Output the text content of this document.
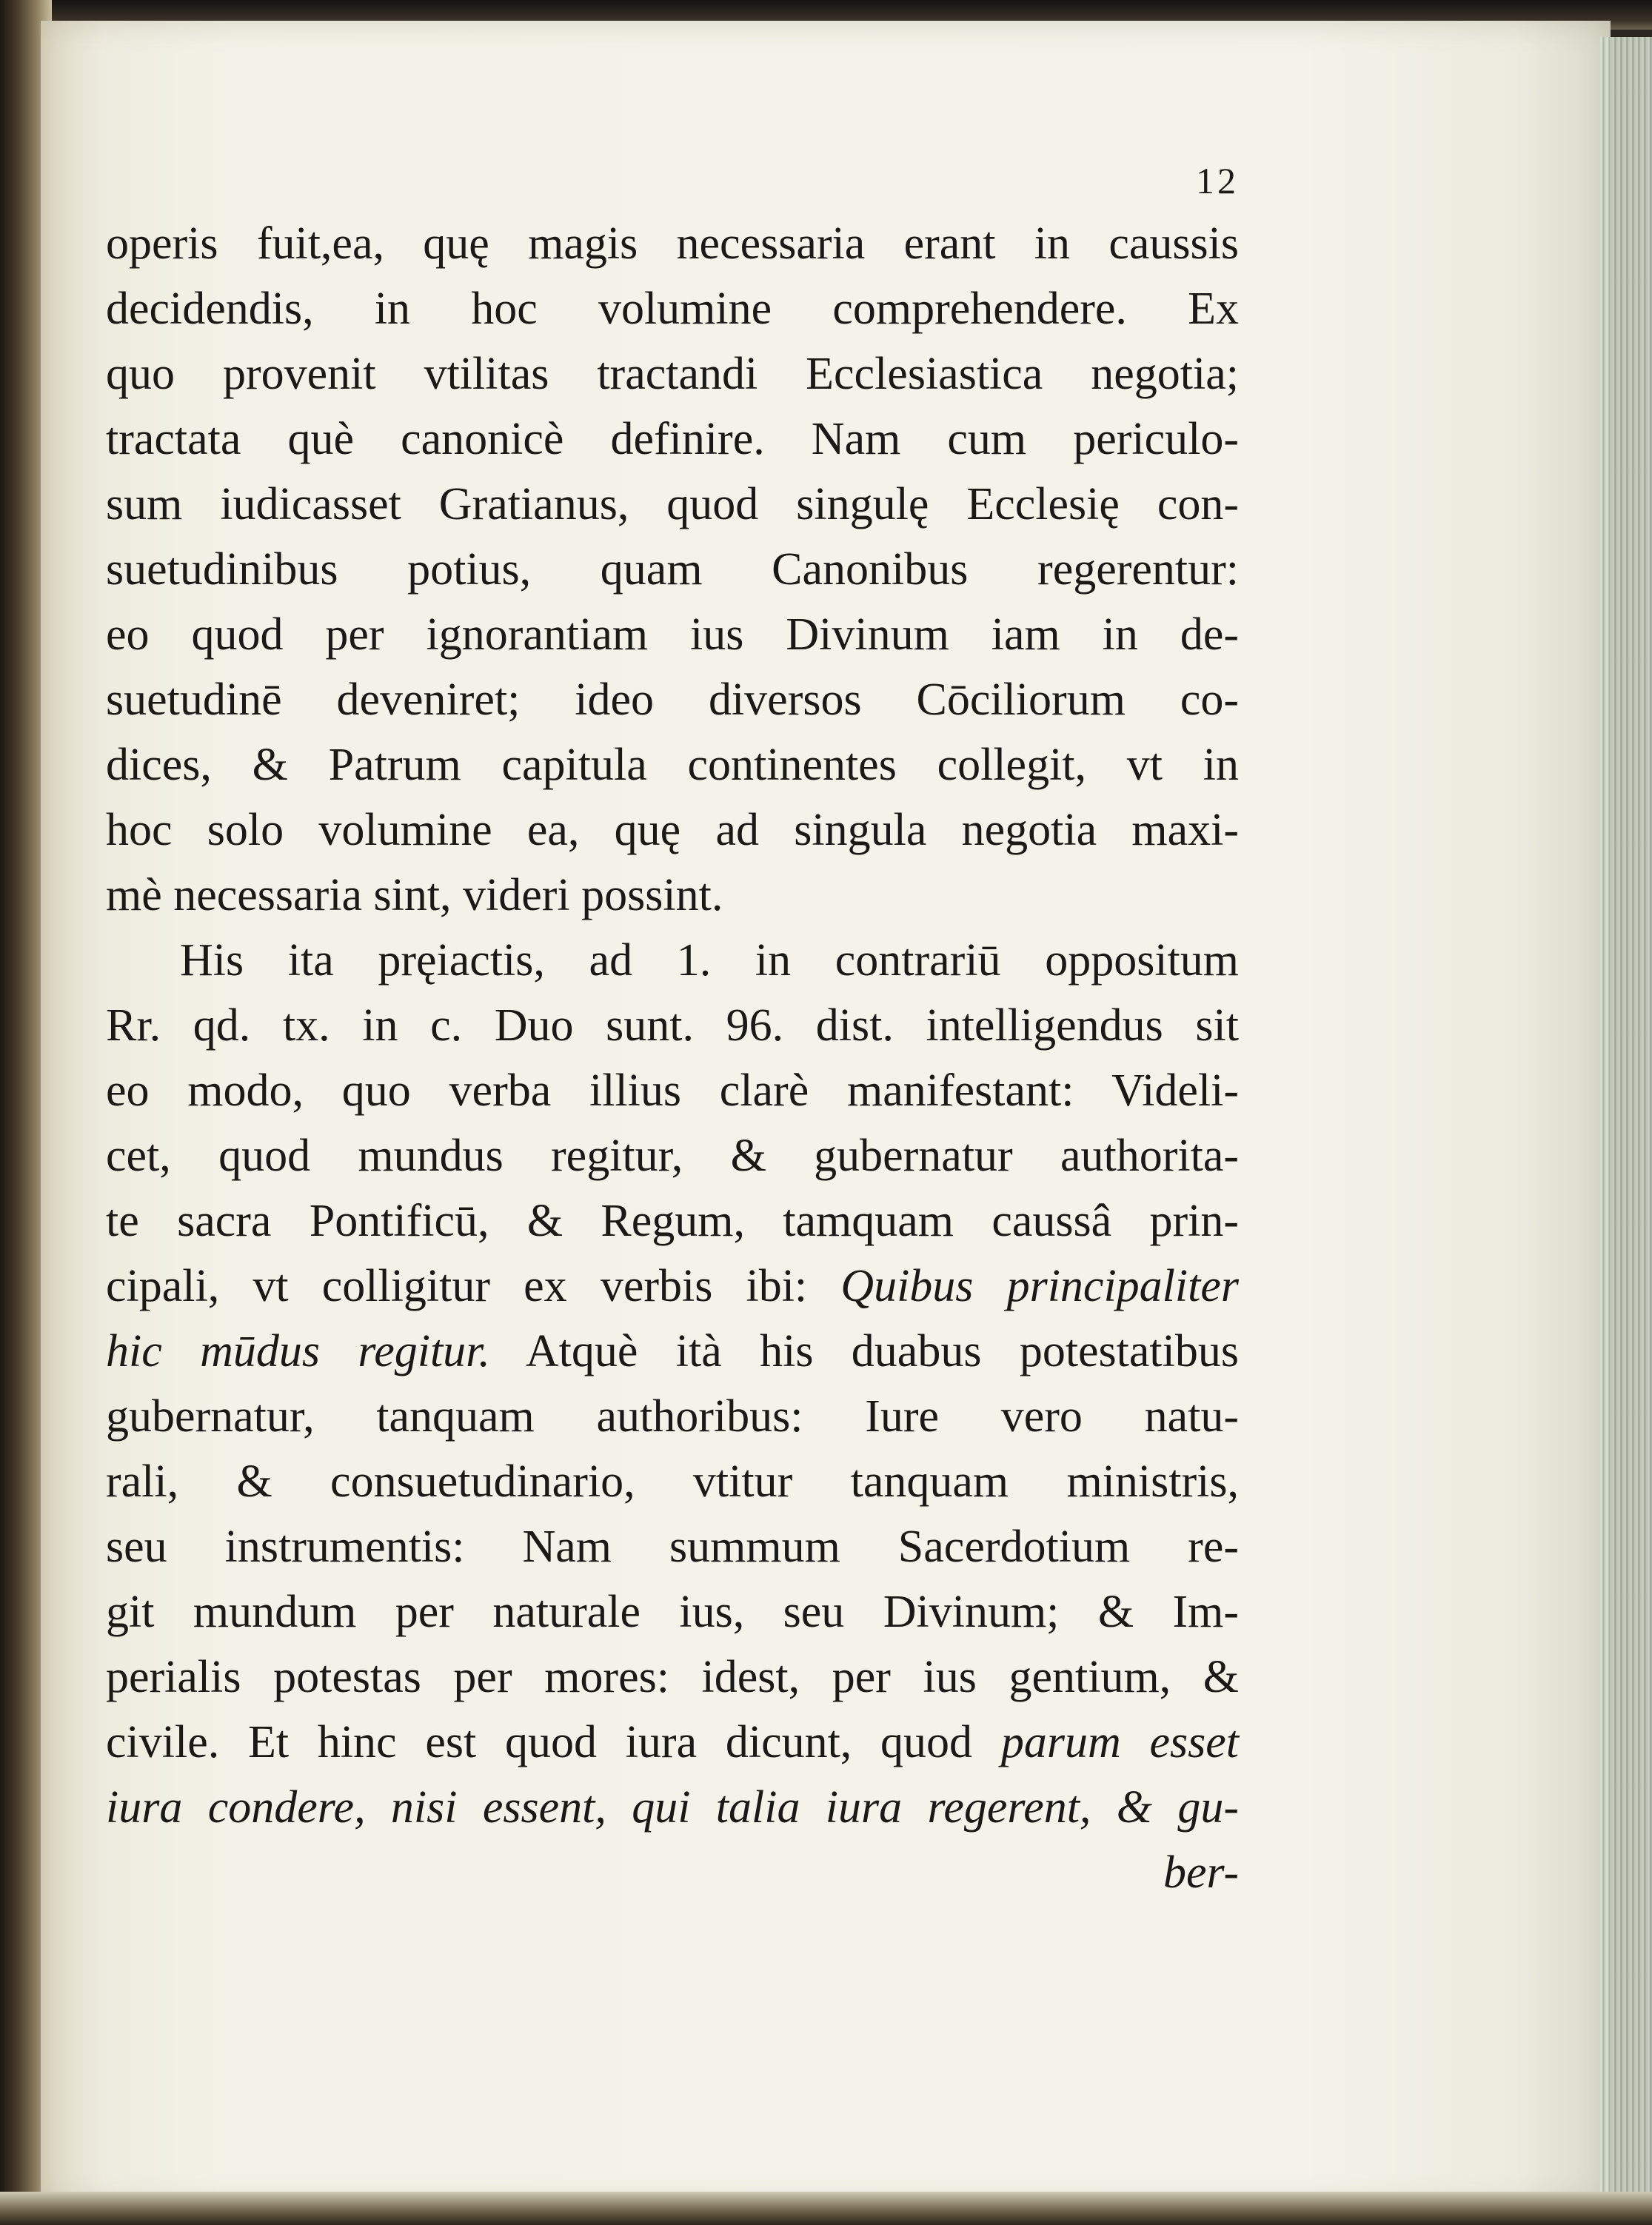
12
operis fuit,ea, quę magis necessaria erant in caussis
decidendis, in hoc volumine comprehendere. Ex
quo provenit vtilitas tractandi Ecclesiastica negotia;
tractata què canonicè definire. Nam cum periculo-
sum iudicasset Gratianus, quod singulę Ecclesię con-
suetudinibus potius, quam Canonibus regerentur:
eo quod per ignorantiam ius Divinum iam in de-
suetudinē deveniret; ideo diversos Cōciliorum co-
dices, & Patrum capitula continentes collegit, vt in
hoc solo volumine ea, quę ad singula negotia maxi-
mè necessaria sint, videri possint.
His ita pręiactis, ad 1. in contrariū oppositum
Rr. qd. tx. in c. Duo sunt. 96. dist. intelligendus sit
eo modo, quo verba illius clarè manifestant: Videli-
cet, quod mundus regitur, & gubernatur authorita-
te sacra Pontificū, & Regum, tamquam caussâ prin-
cipali, vt colligitur ex verbis ibi: Quibus principaliter
hic mūdus regitur. Atquè ità his duabus potestatibus
gubernatur, tanquam authoribus: Iure vero natu-
rali, & consuetudinario, vtitur tanquam ministris,
seu instrumentis: Nam summum Sacerdotium re-
git mundum per naturale ius, seu Divinum; & Im-
perialis potestas per mores: idest, per ius gentium, &
civile. Et hinc est quod iura dicunt, quod parum esset
iura condere, nisi essent, qui talia iura regerent, & gu-
ber-
